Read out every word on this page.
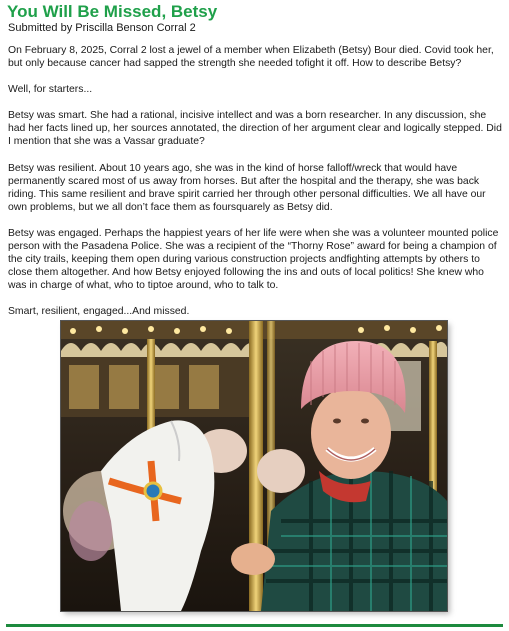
You Will Be Missed, Betsy
Submitted by Priscilla Benson Corral 2

On February 8, 2025, Corral 2 lost a jewel of a member when Elizabeth (Betsy) Bour died. Covid took her, but only because cancer had sapped the strength she needed tofight it off. How to describe Betsy?

Well, for starters...

Betsy was smart. She had a rational, incisive intellect and was a born researcher. In any discussion, she had her facts lined up, her sources annotated, the direction of her argument clear and logically stepped. Did I mention that she was a Vassar graduate?

Betsy was resilient. About 10 years ago, she was in the kind of horse falloff/wreck that would have permanently scared most of us away from horses. But after the hospital and the therapy, she was back riding. This same resilient and brave spirit carried her through other personal difficulties. We all have our own problems, but we all don’t face them as foursquarely as Betsy did.

Betsy was engaged. Perhaps the happiest years of her life were when she was a volunteer mounted police person with the Pasadena Police. She was a recipient of the “Thorny Rose” award for being a champion of the city trails, keeping them open during various construction projects andfighting attempts by others to close them altogether. And how Betsy enjoyed following the ins and outs of local politics! She knew who was in charge of what, who to tiptoe around, who to talk to.

Smart, resilient, engaged...And missed.
